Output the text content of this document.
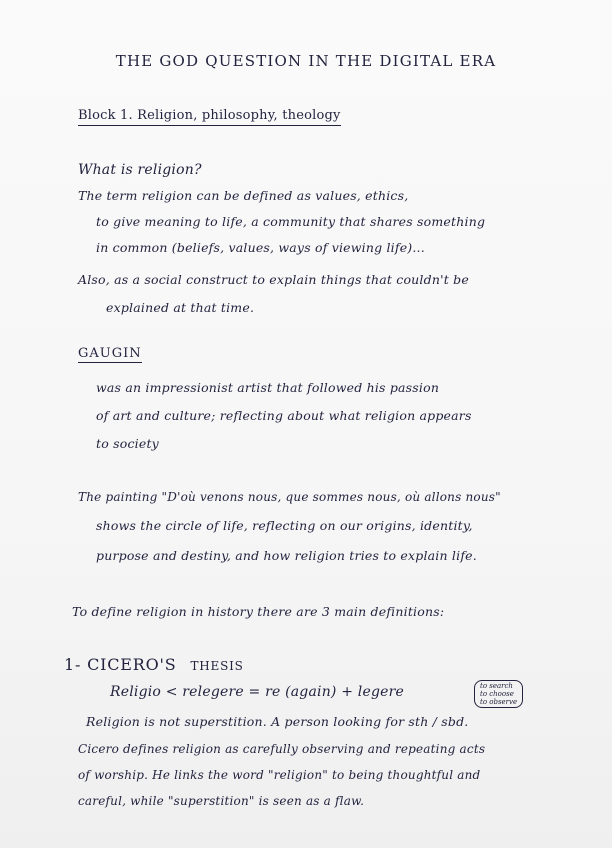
THE GOD QUESTION IN THE DIGITAL ERA
Block 1. Religion, philosophy, theology
What is religion?
The term religion can be defined as values, ethics,
to give meaning to life, a community that shares something
in common (beliefs, values, ways of viewing life)...
Also, as a social construct to explain things that couldn't be
explained at that time.
GAUGIN
was an impressionist artist that followed his passion
of art and culture; reflecting about what religion appears
to society
The painting "D'où venons nous, que sommes nous, où allons nous"
shows the circle of life, reflecting on our origins, identity,
purpose and destiny, and how religion tries to explain life.
To define religion in history there are 3 main definitions:
1- CICERO'S THESIS
Religio < relegere = re (again) + legere	to search
to choose
to observe
Religion is not superstition. A person looking for sth / sbd.
Cicero defines religion as carefully observing and repeating acts
of worship. He links the word "religion" to being thoughtful and
careful, while "superstition" is seen as a flaw.
